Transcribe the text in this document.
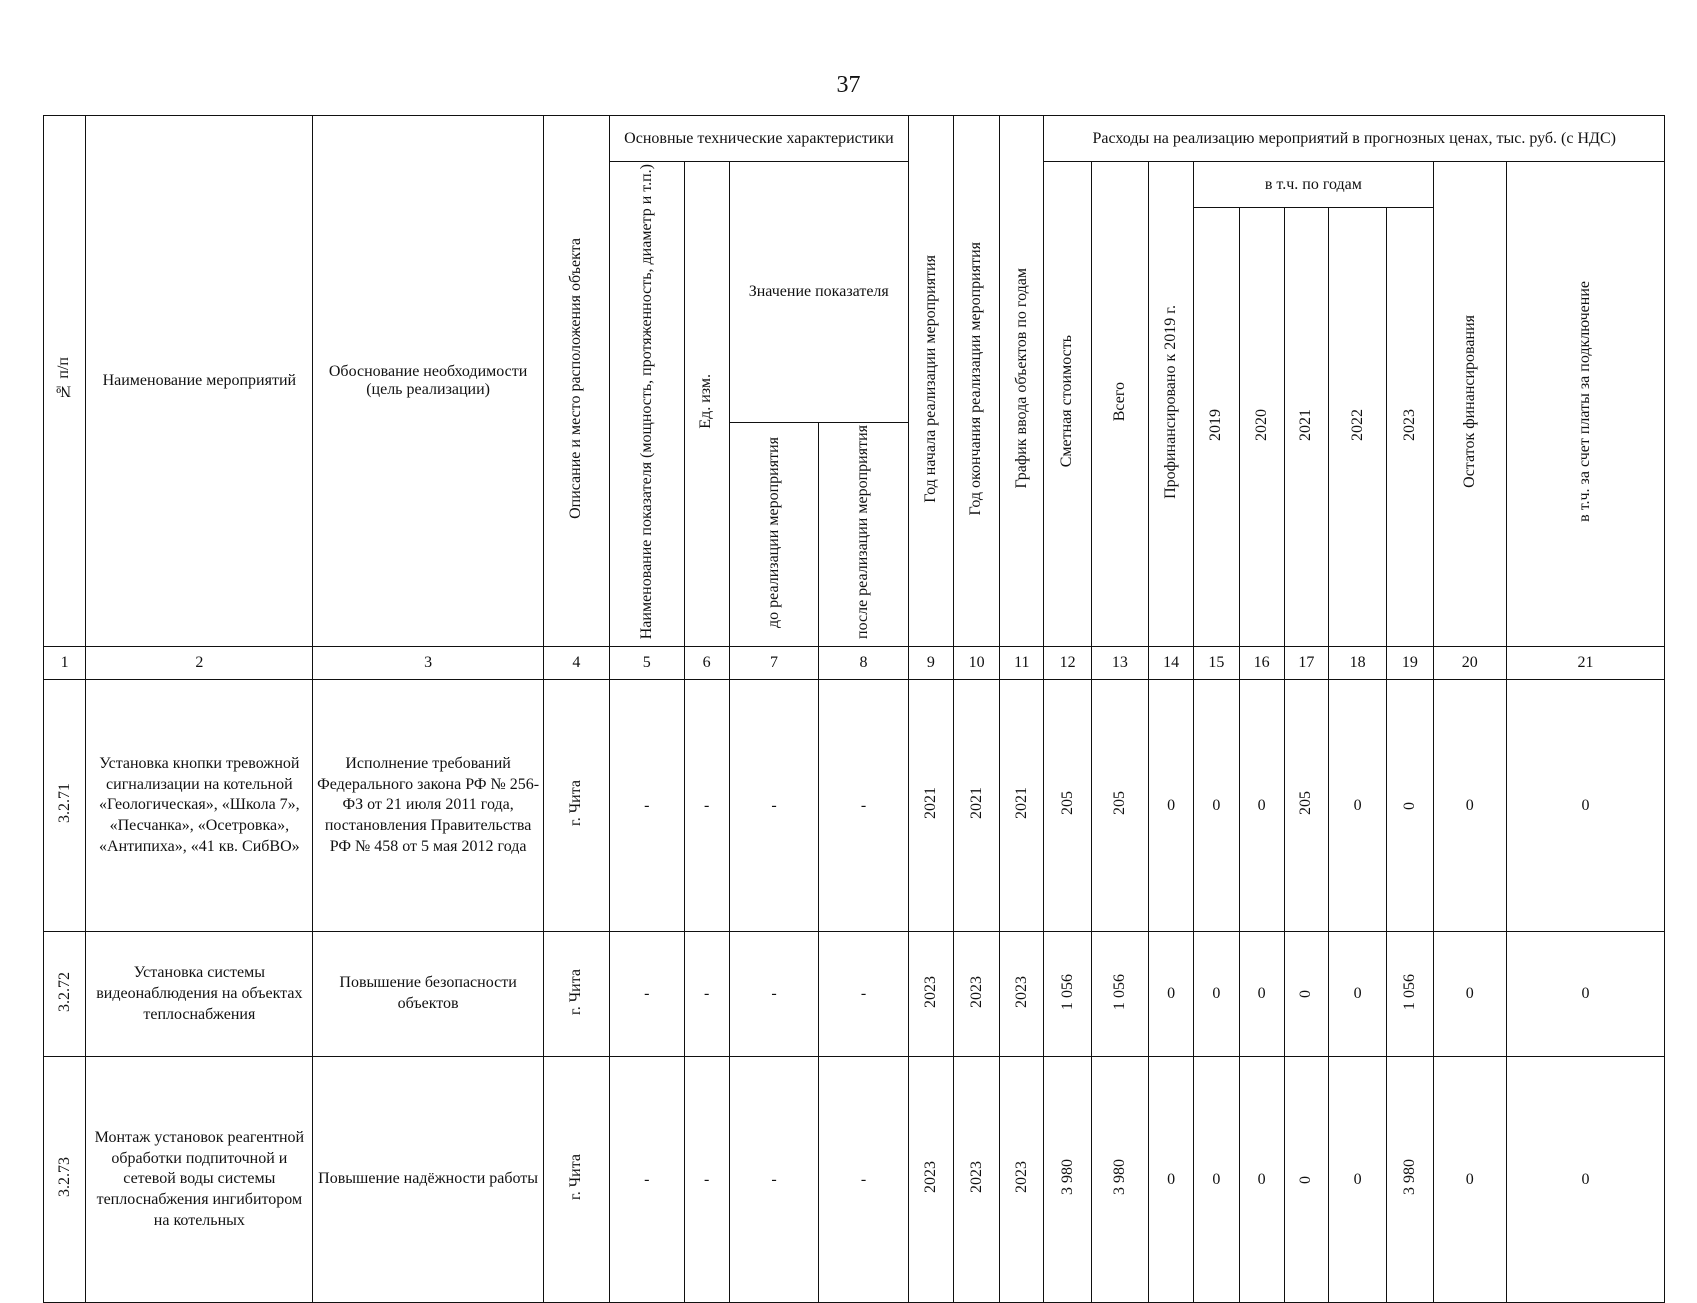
37
№ п/п	Наименование мероприятий	Обоснование необходимости (цель реализации)	Описание и место расположения объекта	Основные технические характеристики				Год начала реализации мероприятия	Год окончания реализации мероприятия	График ввода объектов по годам	Расходы на реализацию мероприятий в прогнозных ценах, тыс. руб. (с НДС)									
				Наименование показателя (мощность, протяженность, диаметр и т.п.)	Ед. изм.	Значение показателя					Сметная стоимость	Всего	Профинансировано к 2019 г.	в т.ч. по годам					Остаток финансирования	в т.ч. за счет платы за подключение
														2019	2020	2021	2022	2023		
						до реализации мероприятия	после реализации мероприятия													
1	2	3	4	5	6	7	8	9	10	11	12	13	14	15	16	17	18	19	20	21
3.2.71	Установка кнопки тревожной сигнализации на котельной «Геологическая», «Школа 7», «Песчанка», «Осетровка», «Антипиха», «41 кв. СибВО»	Исполнение требований Федерального закона РФ № 256-ФЗ от 21 июля 2011 года, постановления Правительства РФ № 458 от 5 мая 2012 года	г. Чита	-	-	-	-	2021	2021	2021	205	205	0	0	0	205	0	0	0	0
3.2.72	Установка системы видеонаблюдения на объектах теплоснабжения	Повышение безопасности объектов	г. Чита	-	-	-	-	2023	2023	2023	1 056	1 056	0	0	0	0	0	1 056	0	0
3.2.73	Монтаж установок реагентной обработки подпиточной и сетевой воды системы теплоснабжения ингибитором на котельных	Повышение надёжности работы	г. Чита	-	-	-	-	2023	2023	2023	3 980	3 980	0	0	0	0	0	3 980	0	0
